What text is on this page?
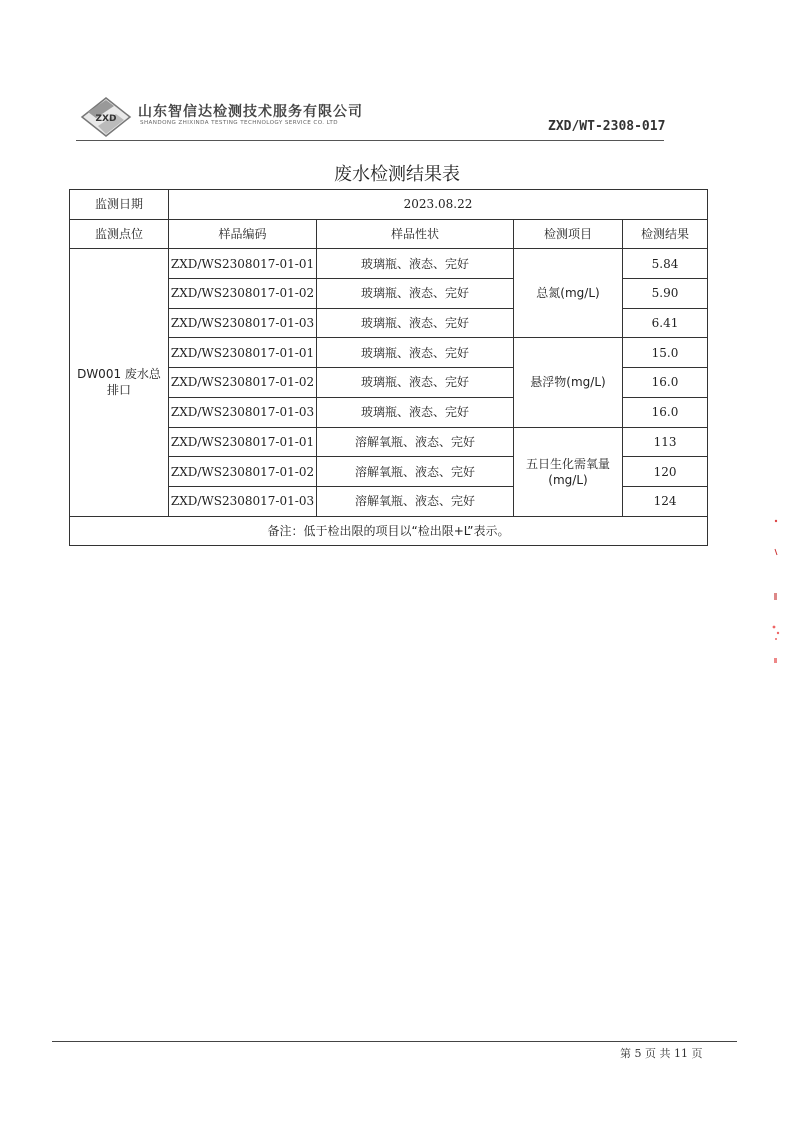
ZXD 山东智信达检测技术服务有限公司
SHANDONG ZHIXINDA TESTING TECHNOLOGY SERVICE CO. LTD	ZXD/WT-2308-017
废水检测结果表
监测日期	2023.08.22			
监测点位	样品编码	样品性状	检测项目	检测结果
DW001 废水总排口	ZXD/WS2308017-01-01	玻璃瓶、液态、完好	总氮(mg/L)	5.84
	ZXD/WS2308017-01-02	玻璃瓶、液态、完好		5.90
	ZXD/WS2308017-01-03	玻璃瓶、液态、完好		6.41
	ZXD/WS2308017-01-01	玻璃瓶、液态、完好	悬浮物(mg/L)	15.0
	ZXD/WS2308017-01-02	玻璃瓶、液态、完好		16.0
	ZXD/WS2308017-01-03	玻璃瓶、液态、完好		16.0
	ZXD/WS2308017-01-01	溶解氧瓶、液态、完好	五日生化需氧量(mg/L)	113
	ZXD/WS2308017-01-02	溶解氧瓶、液态、完好		120
	ZXD/WS2308017-01-03	溶解氧瓶、液态、完好		124
备注：低于检出限的项目以“检出限+L”表示。				
第 5 页 共 11 页
